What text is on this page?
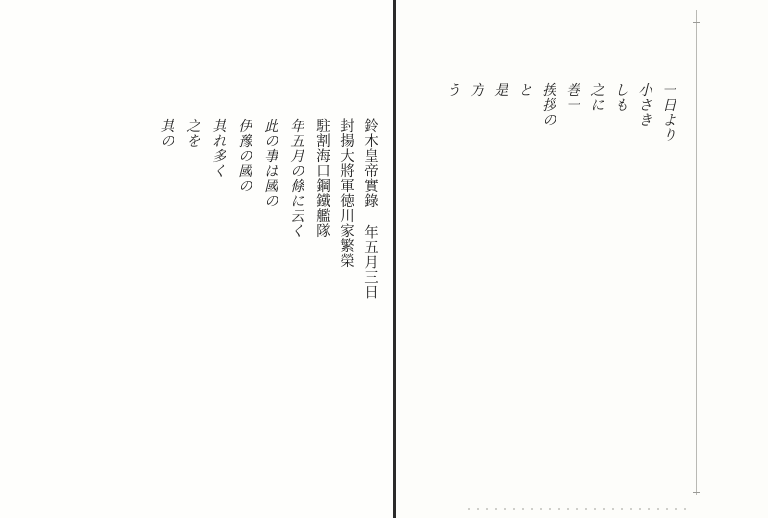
鈴木皇帝實錄 年五月三日
封揚大將軍徳川家繁榮
駐割海口鋼鐵艦隊
年五月の條に云く
此の事は國の
伊豫の國の
其れ多く
之を
其の	一日より
小さき
しも
之に
巻一
挨拶の
と
是
方
う
